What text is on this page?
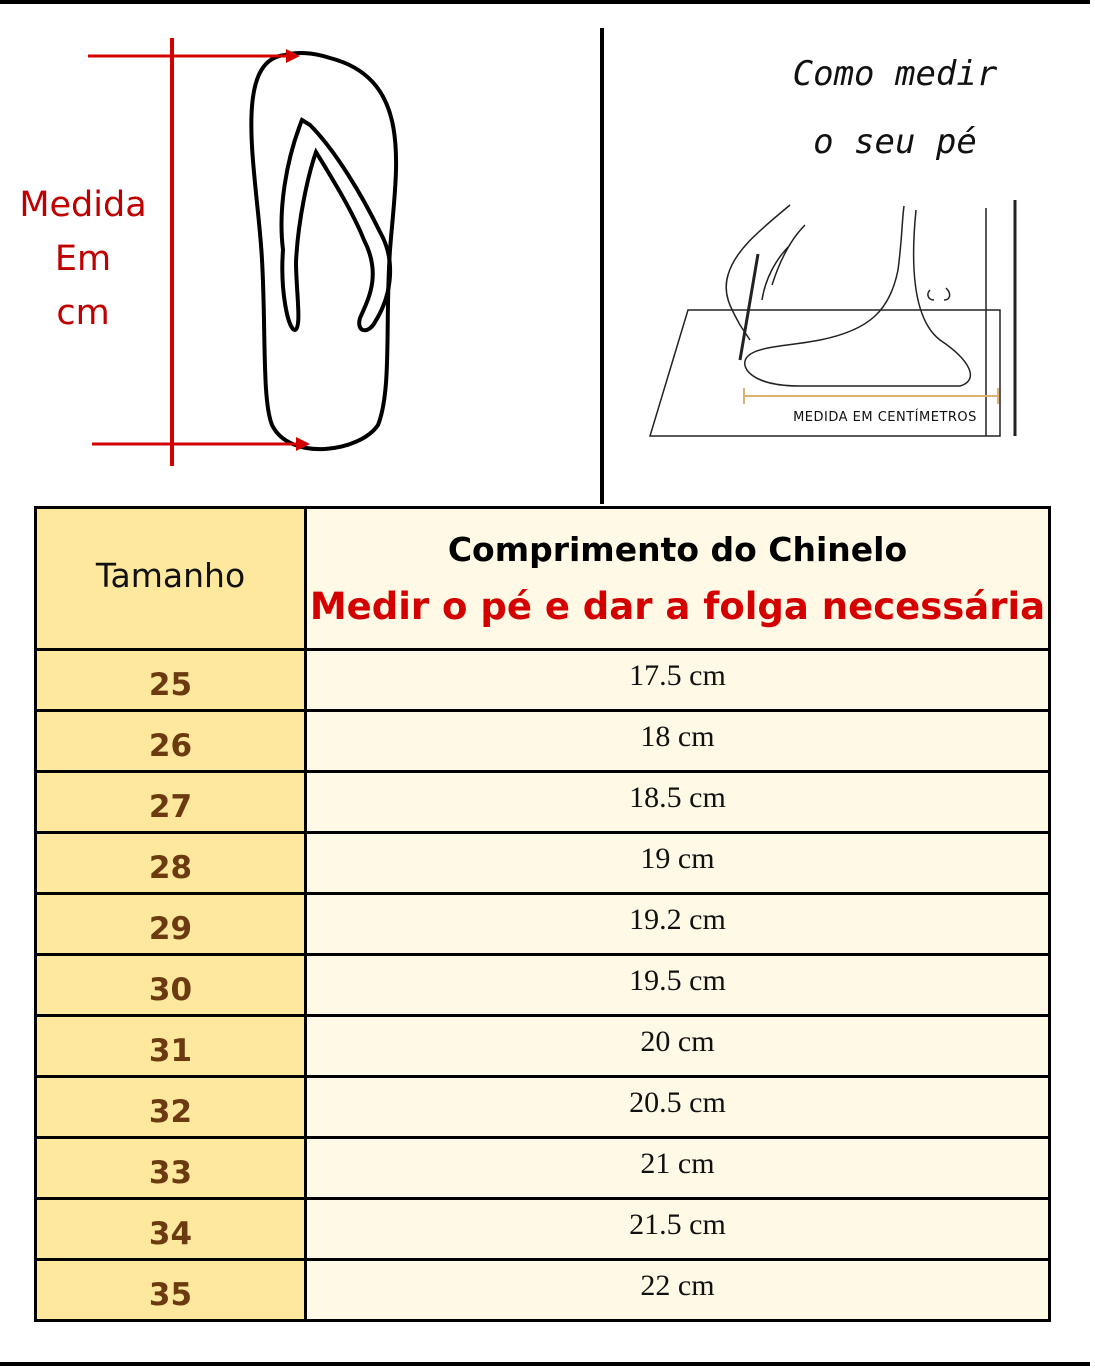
Medida
Em
cm
Como medir
o seu pé
MEDIDA EM CENTÍMETROS
Tamanho	Comprimento do Chinelo
Medir o pé e dar a folga necessária

25	17.5 cm
26	18 cm
27	18.5 cm
28	19 cm
29	19.2 cm
30	19.5 cm
31	20 cm
32	20.5 cm
33	21 cm
34	21.5 cm
35	22 cm
